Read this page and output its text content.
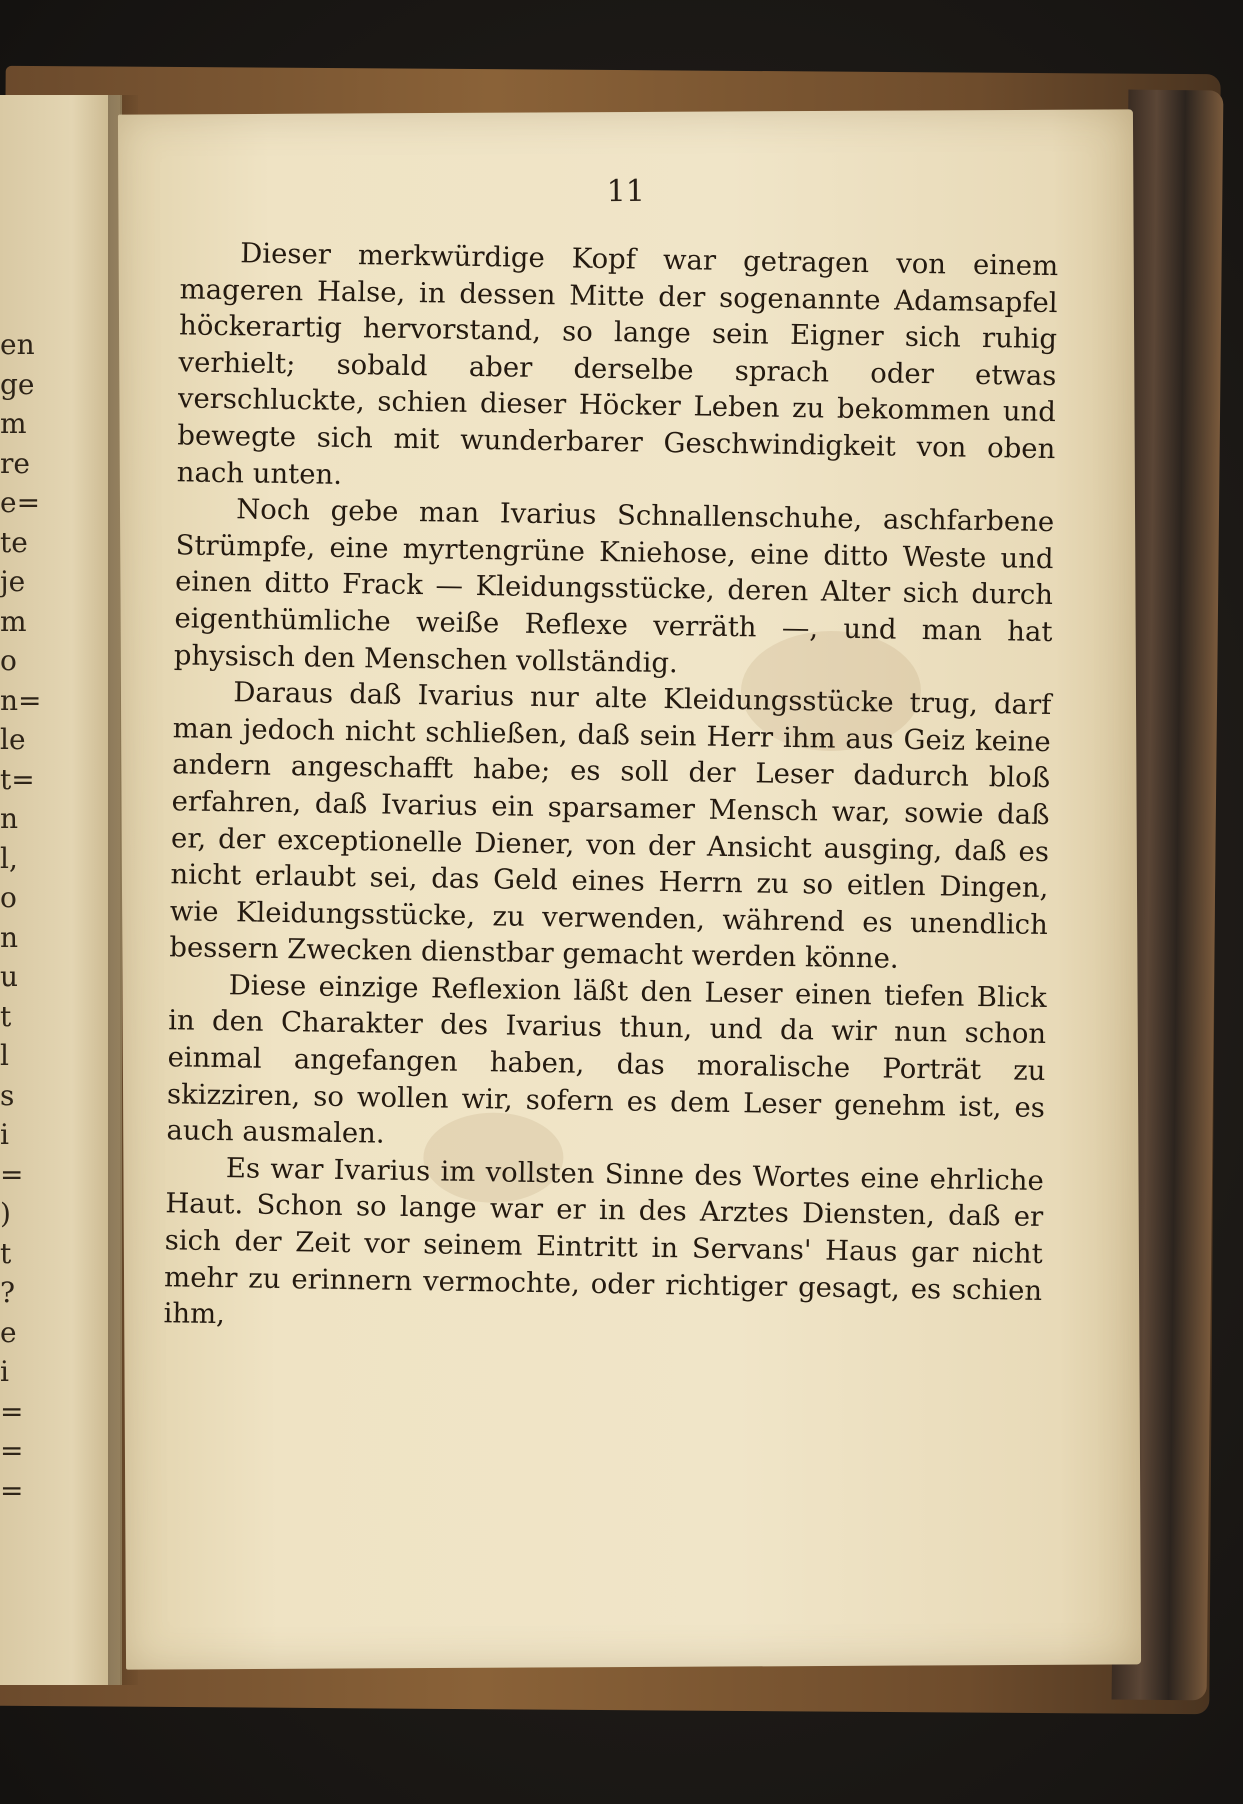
en
ge
m
re
e=
te
je
m
o
n=
le
t=
n
l,
o
n
u
t
l
s
i
=
)
t
?
e
i
=
=
=
11

Dieser merkwürdige Kopf war getragen von einem mageren Halse, in dessen Mitte der sogenannte Adamsapfel höckerartig hervorstand, so lange sein Eigner sich ruhig verhielt; sobald aber derselbe sprach oder etwas verschluckte, schien dieser Höcker Leben zu bekommen und bewegte sich mit wunderbarer Geschwindigkeit von oben nach unten.

Noch gebe man Ivarius Schnallenschuhe, aschfarbene Strümpfe, eine myrtengrüne Kniehose, eine ditto Weste und einen ditto Frack — Kleidungsstücke, deren Alter sich durch eigenthümliche weiße Reflexe verräth —, und man hat physisch den Menschen vollständig.

Daraus daß Ivarius nur alte Kleidungsstücke trug, darf man jedoch nicht schließen, daß sein Herr ihm aus Geiz keine andern angeschafft habe; es soll der Leser dadurch bloß erfahren, daß Ivarius ein sparsamer Mensch war, sowie daß er, der exceptionelle Diener, von der Ansicht ausging, daß es nicht erlaubt sei, das Geld eines Herrn zu so eitlen Dingen, wie Kleidungsstücke, zu verwenden, während es unendlich bessern Zwecken dienstbar gemacht werden könne.

Diese einzige Reflexion läßt den Leser einen tiefen Blick in den Charakter des Ivarius thun, und da wir nun schon einmal angefangen haben, das moralische Porträt zu skizziren, so wollen wir, sofern es dem Leser genehm ist, es auch ausmalen.

Es war Ivarius im vollsten Sinne des Wortes eine ehrliche Haut. Schon so lange war er in des Arztes Diensten, daß er sich der Zeit vor seinem Eintritt in Servans' Haus gar nicht mehr zu erinnern vermochte, oder richtiger gesagt, es schien ihm,
